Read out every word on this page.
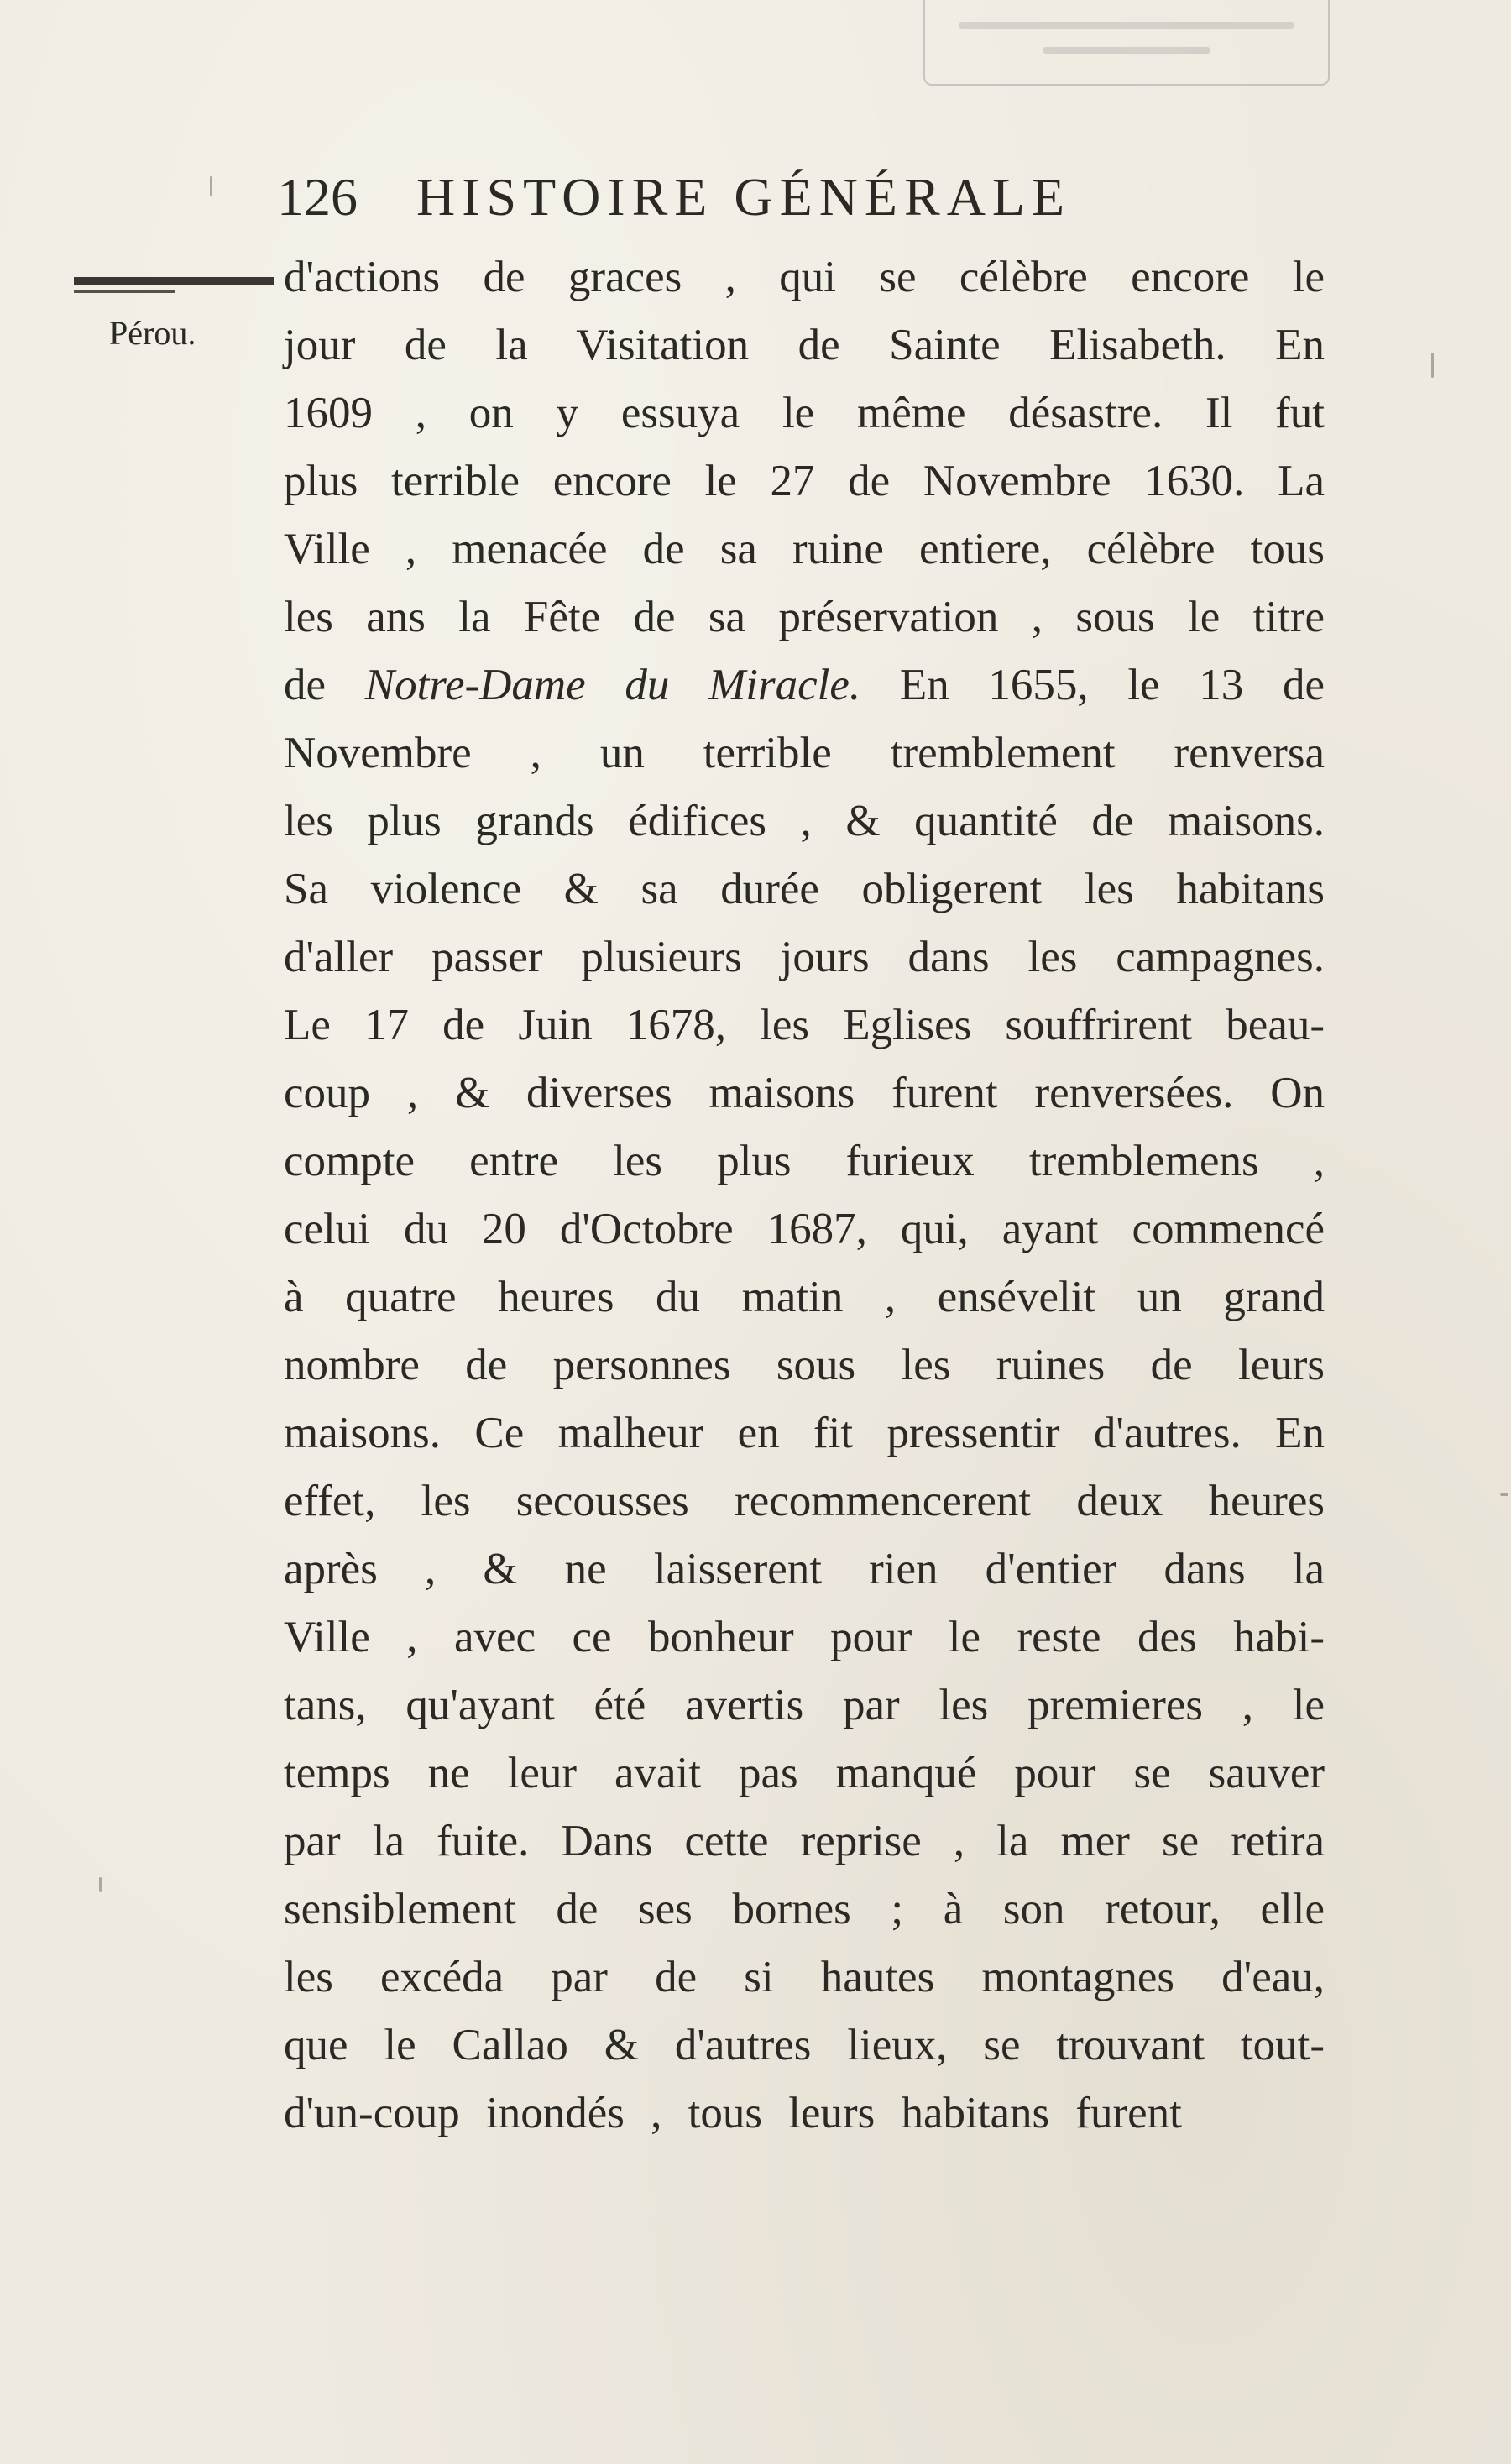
126 HISTOIRE GÉNÉRALE
Pérou.
d'actions de graces , qui se célèbre encore le
jour de la Visitation de Sainte Elisabeth. En
1609 , on y essuya le même désastre. Il fut
plus terrible encore le 27 de Novembre 1630. La
Ville , menacée de sa ruine entiere, célèbre tous
les ans la Fête de sa préservation , sous le titre
de Notre-Dame du Miracle. En 1655, le 13 de
Novembre , un terrible tremblement renversa
les plus grands édifices , & quantité de maisons.
Sa violence & sa durée obligerent les habitans
d'aller passer plusieurs jours dans les campagnes.
Le 17 de Juin 1678, les Eglises souffrirent beau-
coup , & diverses maisons furent renversées. On
compte entre les plus furieux tremblemens ,
celui du 20 d'Octobre 1687, qui, ayant commencé
à quatre heures du matin , ensévelit un grand
nombre de personnes sous les ruines de leurs
maisons. Ce malheur en fit pressentir d'autres. En
effet, les secousses recommencerent deux heures
après , & ne laisserent rien d'entier dans la
Ville , avec ce bonheur pour le reste des habi-
tans, qu'ayant été avertis par les premieres , le
temps ne leur avait pas manqué pour se sauver
par la fuite. Dans cette reprise , la mer se retira
sensiblement de ses bornes ; à son retour, elle
les excéda par de si hautes montagnes d'eau,
que le Callao & d'autres lieux, se trouvant tout-
d'un-coup inondés , tous leurs habitans furent
